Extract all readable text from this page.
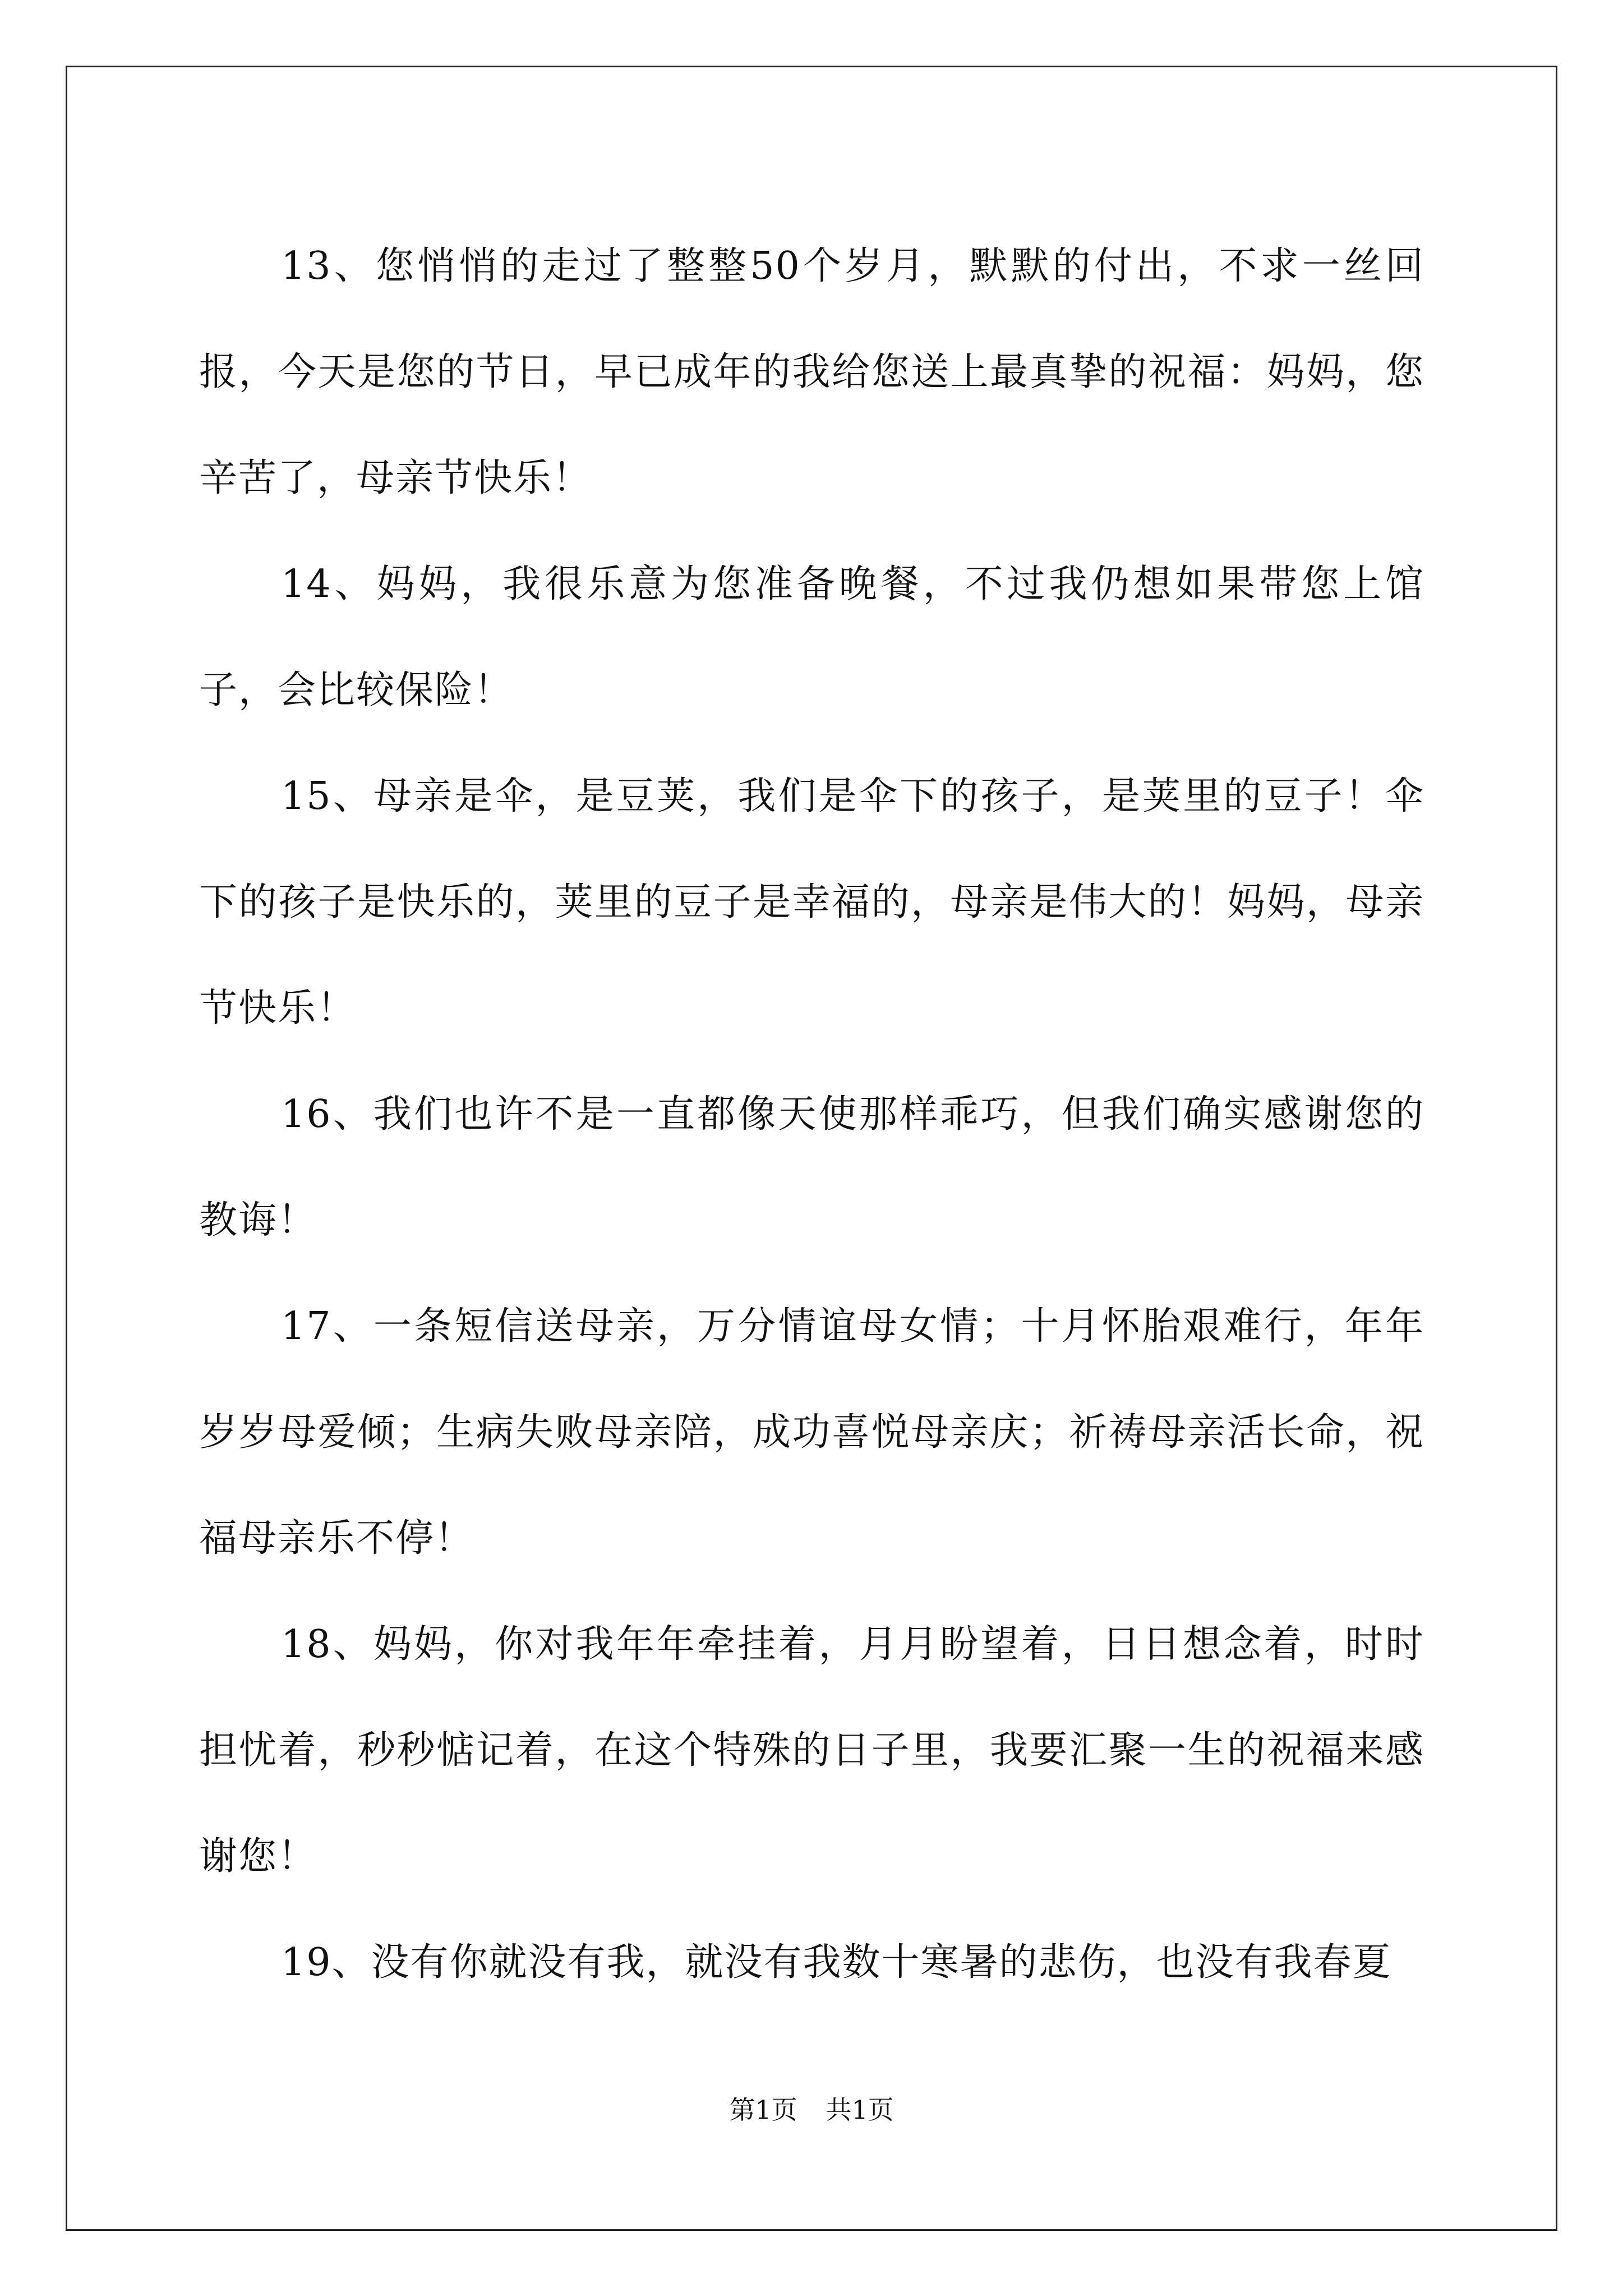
13、您悄悄的走过了整整50个岁月，默默的付出，不求一丝回报，今天是您的节日，早已成年的我给您送上最真挚的祝福：妈妈，您辛苦了，母亲节快乐！

14、妈妈，我很乐意为您准备晚餐，不过我仍想如果带您上馆子，会比较保险！

15、母亲是伞，是豆荚，我们是伞下的孩子，是荚里的豆子！伞下的孩子是快乐的，荚里的豆子是幸福的，母亲是伟大的！妈妈，母亲节快乐！

16、我们也许不是一直都像天使那样乖巧，但我们确实感谢您的教诲！

17、一条短信送母亲，万分情谊母女情；十月怀胎艰难行，年年岁岁母爱倾；生病失败母亲陪，成功喜悦母亲庆；祈祷母亲活长命，祝福母亲乐不停！

18、妈妈，你对我年年牵挂着，月月盼望着，日日想念着，时时担忧着，秒秒惦记着，在这个特殊的日子里，我要汇聚一生的祝福来感谢您！

19、没有你就没有我，就没有我数十寒暑的悲伤，也没有我春夏

第1页 共1页
